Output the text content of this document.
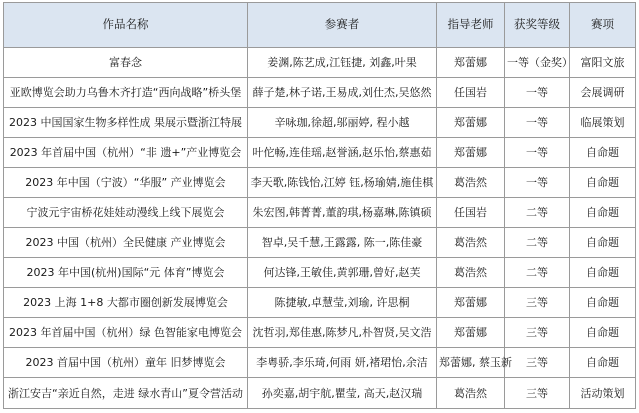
作品名称	参赛者	指导老师	获奖等级	赛项
富春念	姜渊,陈艺成,江钰捷, 刘鑫,叶果	郑蕾娜	一等（金奖）	富阳文旅
亚欧博览会助力乌鲁木齐打造“西向战略”桥头堡	薛子楚,林子诺,王易成,刘仕杰,吴悠然	任国岩	一等	会展调研
2023 中国国家生物多样性成 果展示暨浙江特展	辛咏珈,徐超,邬丽婷, 程小越	郑蕾娜	一等	临展策划
2023 年首届中国（杭州）“非 遗+”产业博览会	叶佗畅,连佳瑶,赵誉涵,赵乐怡,蔡惠茹	郑蕾娜	一等	自命题
2023 年中国（宁波）“华服” 产业博览会	李天歌,陈钱怡,江婷 钰,杨瑜婧,施佳棋	葛浩然	一等	自命题
宁波元宇宙桥花娃娃动漫线上线下展览会	朱宏图,韩菁菁,董韵琪,杨嘉琳,陈镇硕	任国岩	二等	自命题
2023 中国（杭州）全民健康 产业博览会	智卓,吴千慧,王露露, 陈一,陈佳豪	葛浩然	二等	自命题
2023 年中国(杭州)国际“元 体育”博览会	何达锋,王敏佳,黄郭珊,曾好,赵芙	葛浩然	二等	自命题
2023 上海 1+8 大都市圈创新发展博览会	陈捷敏,卓慧莹,刘瑜, 许思桐	郑蕾娜	三等	自命题
2023 年首届中国（杭州）绿 色智能家电博览会	沈哲羽,郑佳惠,陈梦凡,朴智贤,吴文浩	郑蕾娜	三等	自命题
2023 首届中国（杭州）童年 旧梦博览会	李粤骄,李乐琦,何雨 妍,褚珺怡,余洁	郑蕾娜, 蔡玉新	三等	自命题
浙江安吉“亲近自然，走进 绿水青山”夏令营活动	孙奕嘉,胡宇航,瞿莹, 高天,赵汉瑞	葛浩然	三等	活动策划
